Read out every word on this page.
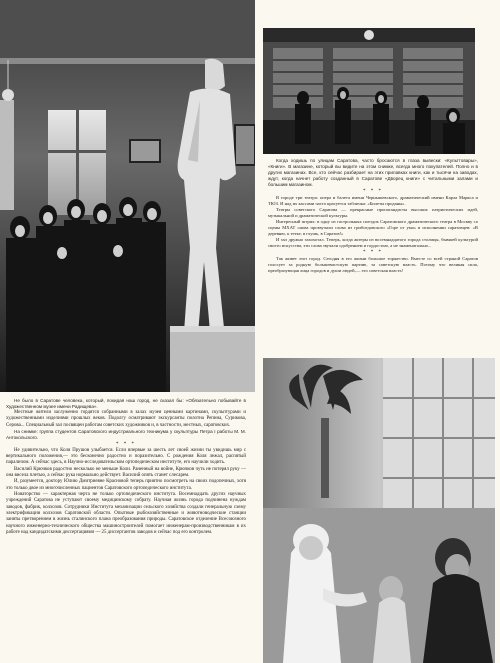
Не было в Саратове человека, который, покидая наш город, не сказал бы: «Обязательно побывайте в Художественном музее имени Радищева».

Местные жители заслуженно гордятся собранными в залах музея ценными картинами, скульптурами и художественными изделиями прошлых веков. Подолгу осматривают экскурсанты полотна Репина, Сурикова, Серова... Специальный зал посвящен работам советских художников и, в частности, местных, саратовских.

На снимке: группа студентов Саратовского индустриального техникума у скульптуры Петра I работы М. М. Антокольского.

* * *

Не удивительно, что Коля Прушов улыбается. Если впервые за шесть лет своей жизни ты увидишь мир с вертикального положения,— это бесконечно радостно и поразительно. С рождения Коля лежал, распятый параличом. А сейчас здесь, в Научно-исследовательском ортопедическом институте, его научили ходить.

Василий Крючков радостно несколько не меньше Коли. Раненный на войне, Крючков чуть не потерял руку — она висела плетью, а сейчас рука нормально действует. Василий опять станет слесарем.

И, разумеется, доктору Юлию Дмитриевне Красновой теперь приятно посмотреть на своих подопечных, хотя это только двое из многочисленных пациентов Саратовского ортопедического института.

Новаторство — характерная черта не только ортопедического института. Восемнадцать других научных учреждений Саратова не уступают своему медицинскому собрату. Научная жизнь города подчинена нуждам заводов, фабрик, колхозов. Сотрудники Института механизации сельского хозяйства создали генеральную схему электрификации колхозов Саратовской области. Опытные рыбохозяйственные и животноводческие станции заняты претворением в жизнь сталинского плана преобразования природы. Саратовское отделение Всесоюзного научного инженерно-технического общества машиностроителей помогает инженерам-производственникам в их работе над кандидатскими диссертациями — 25 диссертантов заводов и сейчас под его контролем.

Когда ходишь по улицам Саратова, часто бросаются в глаза вывески: «Культтовары», «Книги». В магазине, который вы видите на этом снимке, всегда много покупателей. Полно и в других магазинах. Все, кто сейчас разбирает на этих прилавках книги, как и тысячи на заводах, ждут, когда начнет работу созданный в Саратове «Дворец книги» с читальными залами и большим магазином.

* * *

В городе три театра: опера и балета имени Чернышевского, драматический имени Карла Маркса и ТЮЗ. И над их кассами часто красуется табличка: «Билеты проданы».

Театры советского Саратова — прекрасные пропагандисты высоких патриотических идей, музыкальной и драматической культуры.

Интересный штрих: в одну из гастрольных поездок Саратовского драматического театра в Москву со сцены МХАТ снова прозвучали слова из грибоедовского «Горе от ума» в исполнении саратовцев: «В деревню, к тетке, в глушь, в Саратов!»

И зал дружно захохотал. Теперь, когда актеры из восемнадцатого города столицы, бывшей культурой своего искусства, эти слова звучали одобрением и гордостью, а не знаменатально...

* * *

Так живет этот город. Сегодня в его жизни большое торжество. Вместе со всей страной Саратов голосует за родную большевистскую партию, за советскую власть. Потому что великая сила, преобразующая лица городов и души людей,— это советская власть!
